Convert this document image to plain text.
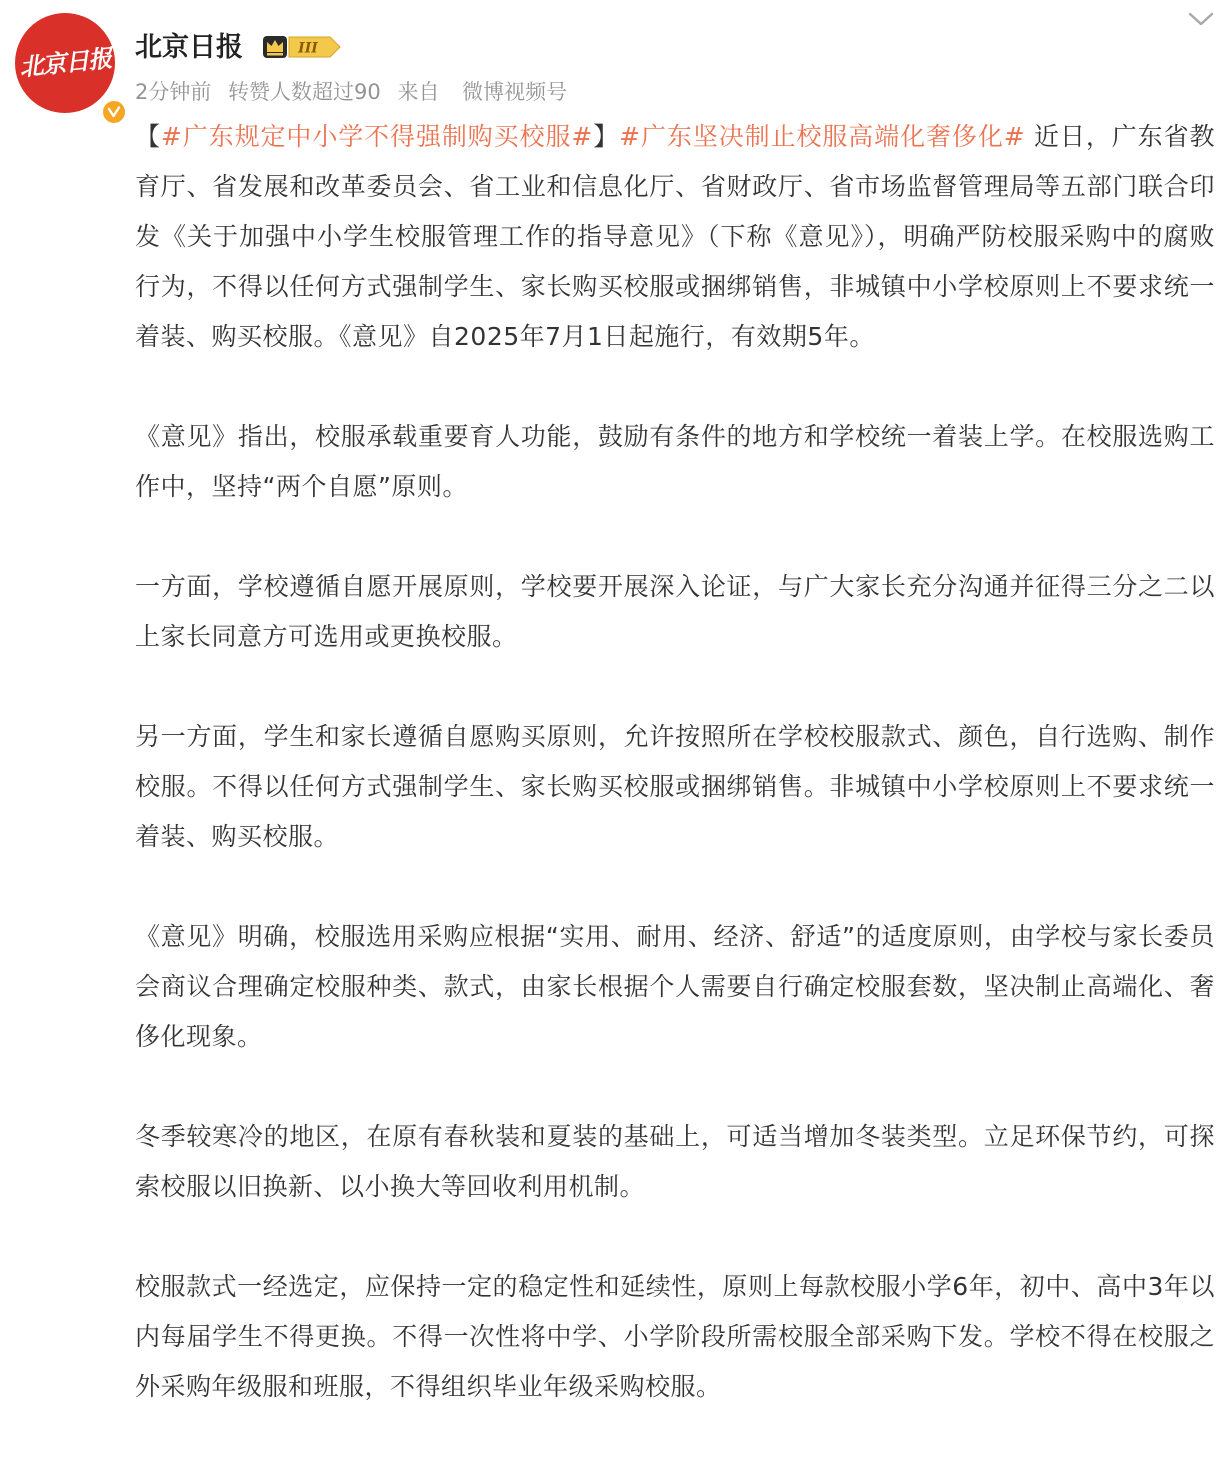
北京日报 北京日报	III
2分钟前 转赞人数超过90 来自 微博视频号

【#广东规定中小学不得强制购买校服#】#广东坚决制止校服高端化奢侈化# 近日，广东省教育厅、省发展和改革委员会、省工业和信息化厅、省财政厅、省市场监督管理局等五部门联合印发《关于加强中小学生校服管理工作的指导意见》（下称《意见》），明确严防校服采购中的腐败行为，不得以任何方式强制学生、家长购买校服或捆绑销售，非城镇中小学校原则上不要求统一着装、购买校服。《意见》自2025年7月1日起施行，有效期5年。

《意见》指出，校服承载重要育人功能，鼓励有条件的地方和学校统一着装上学。在校服选购工作中，坚持“两个自愿”原则。

一方面，学校遵循自愿开展原则，学校要开展深入论证，与广大家长充分沟通并征得三分之二以上家长同意方可选用或更换校服。

另一方面，学生和家长遵循自愿购买原则，允许按照所在学校校服款式、颜色，自行选购、制作校服。不得以任何方式强制学生、家长购买校服或捆绑销售。非城镇中小学校原则上不要求统一着装、购买校服。

《意见》明确，校服选用采购应根据“实用、耐用、经济、舒适”的适度原则，由学校与家长委员会商议合理确定校服种类、款式，由家长根据个人需要自行确定校服套数，坚决制止高端化、奢侈化现象。

冬季较寒冷的地区，在原有春秋装和夏装的基础上，可适当增加冬装类型。立足环保节约，可探索校服以旧换新、以小换大等回收利用机制。

校服款式一经选定，应保持一定的稳定性和延续性，原则上每款校服小学6年，初中、高中3年以内每届学生不得更换。不得一次性将中学、小学阶段所需校服全部采购下发。学校不得在校服之外采购年级服和班服，不得组织毕业年级采购校服。
